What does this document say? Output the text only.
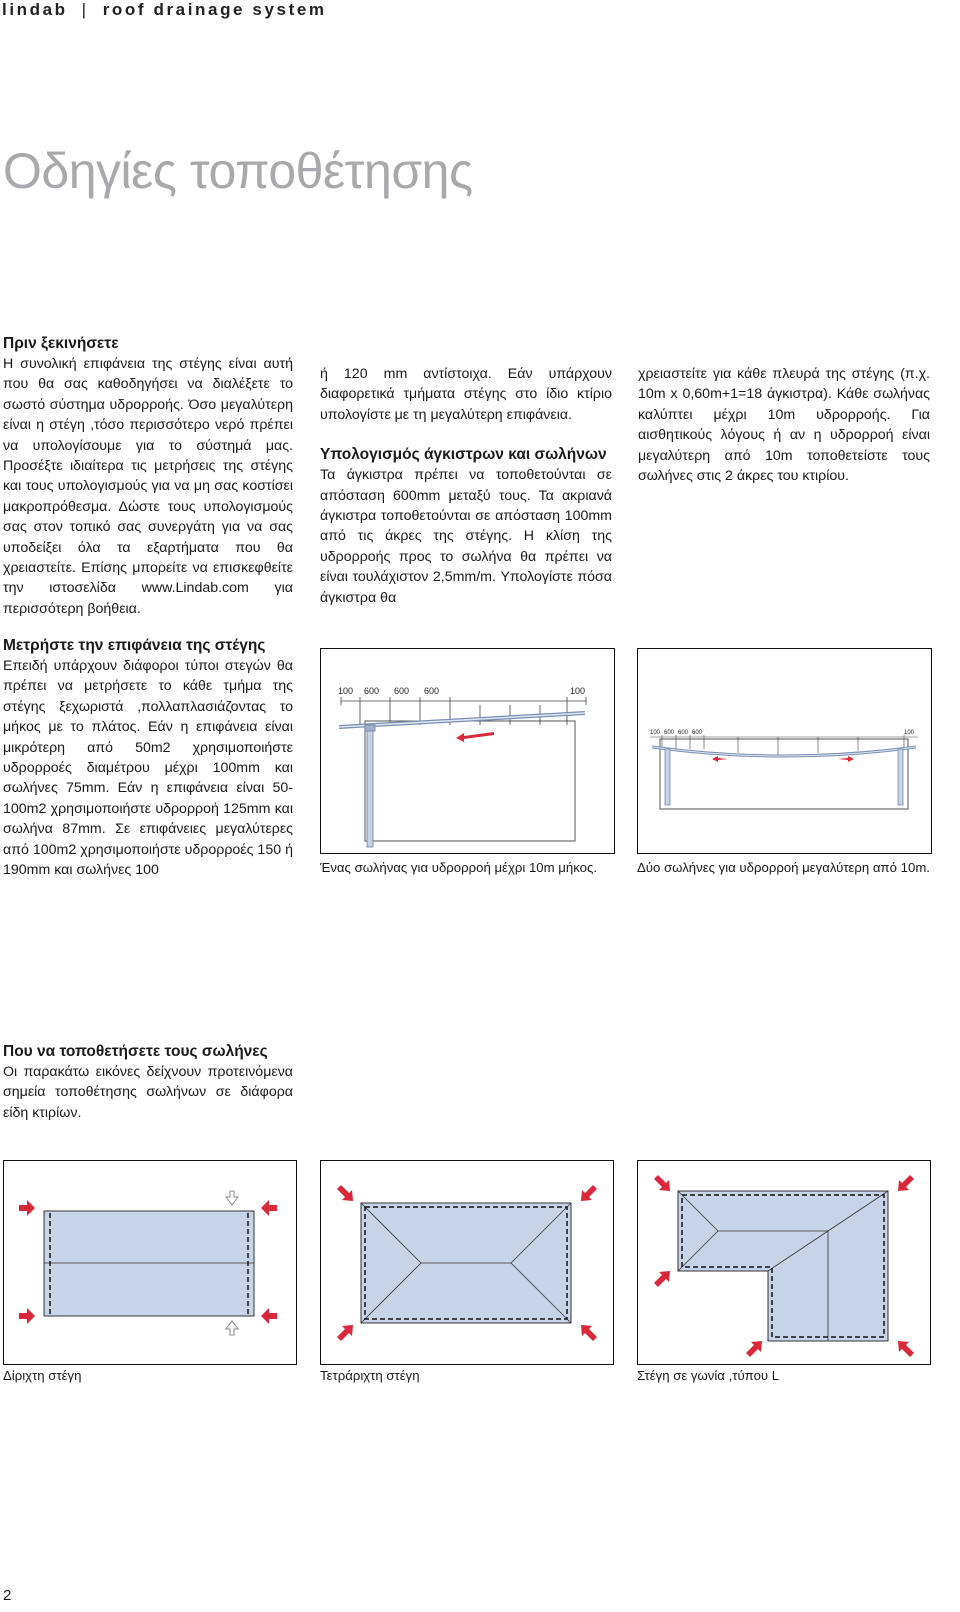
lindab | roof drainage system
Οδηγίες τοποθέτησης
Πριν ξεκινήσετε
Η συνολική επιφάνεια της στέγης είναι αυτή που θα σας καθοδηγήσει να διαλέξετε το σωστό σύστημα υδρορροής. Όσο μεγαλύτερη είναι η στέγη ,τόσο περισσότερο νερό πρέπει να υπολογίσουμε για το σύστημά μας. Προσέξτε ιδιαίτερα τις μετρήσεις της στέγης και τους υπολογισμούς για να μη σας κοστίσει μακροπρόθεσμα. Δώστε τους υπολογισμούς σας στον τοπικό σας συνεργάτη για να σας υποδείξει όλα τα εξαρτήματα που θα χρειαστείτε. Επίσης μπορείτε να επισκεφθείτε την ιστοσελίδα www.Lindab.com για περισσότερη βοήθεια.
ή 120 mm αντίστοιχα. Εάν υπάρχουν διαφορετικά τμήματα στέγης στο ίδιο κτίριο υπολογίστε με τη μεγαλύτερη επιφάνεια.
Υπολογισμός άγκιστρων και σωλήνων
Τα άγκιστρα πρέπει να τοποθετούνται σε απόσταση 600mm μεταξύ τους. Τα ακριανά άγκιστρα τοποθετούνται σε απόσταση 100mm από τις άκρες της στέγης. Η κλίση της υδρορροής προς το σωλήνα θα πρέπει να είναι τουλάχιστον 2,5mm/m. Υπολογίστε πόσα άγκιστρα θα
χρειαστείτε για κάθε πλευρά της στέγης (π.χ. 10m x 0,60m+1=18 άγκιστρα). Κάθε σωλήνας καλύπτει μέχρι 10m υδρορροής. Για αισθητικούς λόγους ή αν η υδρορροή είναι μεγαλύτερη από 10m τοποθετείστε τους σωλήνες στις 2 άκρες του κτιρίου.
Μετρήστε την επιφάνεια της στέγης
Επειδή υπάρχουν διάφοροι τύποι στεγών θα πρέπει να μετρήσετε το κάθε τμήμα της στέγης ξεχωριστά ,πολλαπλασιάζοντας το μήκος με το πλάτος. Εάν η επιφάνεια είναι μικρότερη από 50m2 χρησιμοποιήστε υδρορροές διαμέτρου μέχρι 100mm και σωλήνες 75mm. Εάν η επιφάνεια είναι 50-100m2 χρησιμοποιήστε υδρορροή 125mm και σωλήνα 87mm. Σε επιφάνειες μεγαλύτερες από 100m2 χρησιμοποιήστε υδρορροές 150 ή 190mm και σωλήνες 100
100 600 600 600	100
Ένας σωλήνας για υδρορροή μέχρι 10m μήκος.
100 600 600 600	100
Δύο σωλήνες για υδρορροή μεγαλύτερη από 10m.
Που να τοποθετήσετε τους σωλήνες
Οι παρακάτω εικόνες δείχνουν προτεινόμενα σημεία τοποθέτησης σωλήνων σε διάφορα είδη κτιρίων.
Δίριχτη στέγη	Τετράριχτη στέγη	Στέγη σε γωνία ,τύπου L
2
